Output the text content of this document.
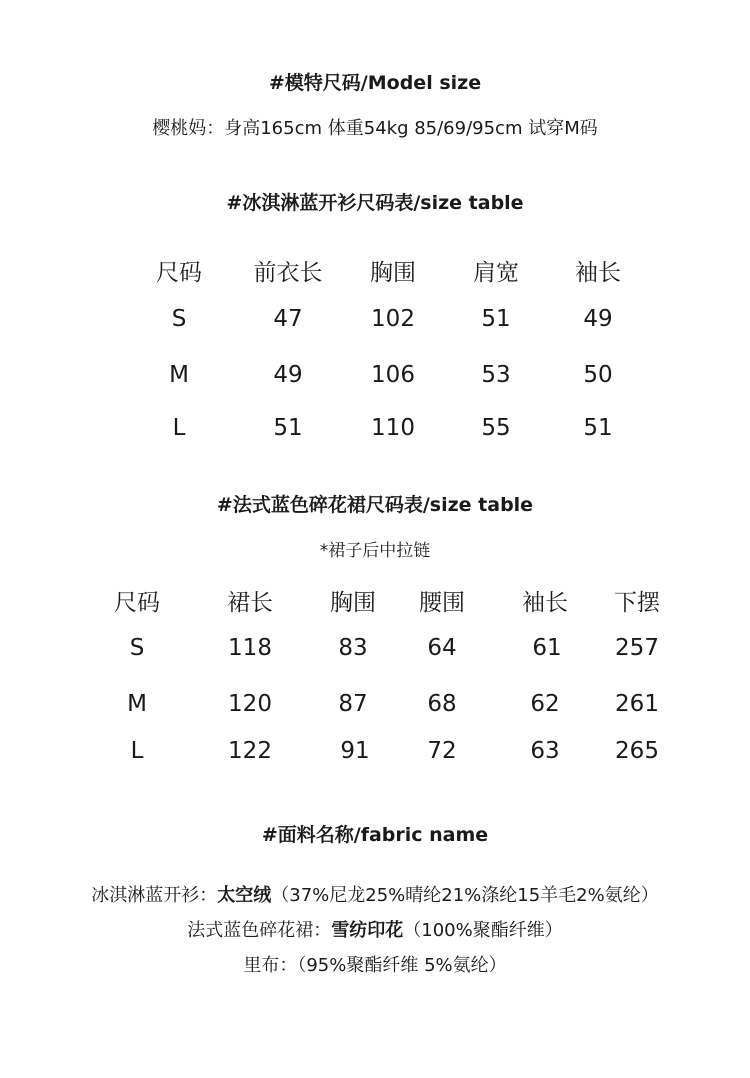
#模特尺码/Model size
樱桃妈：身高165cm 体重54kg 85/69/95cm 试穿M码
#冰淇淋蓝开衫尺码表/size table
尺码	前衣长	胸围	肩宽	袖长
S	47	102	51	49
M	49	106	53	50
L	51	110	55	51
#法式蓝色碎花裙尺码表/size table
*裙子后中拉链
尺码	裙长	胸围	腰围	袖长	下摆
S	118	83	64	61	257
M	120	87	68	62	261
L	122	91	72	63	265
#面料名称/fabric name
冰淇淋蓝开衫：太空绒（37%尼龙25%晴纶21%涤纶15羊毛2%氨纶）
法式蓝色碎花裙：雪纺印花（100%聚酯纤维）
里布：（95%聚酯纤维 5%氨纶）
